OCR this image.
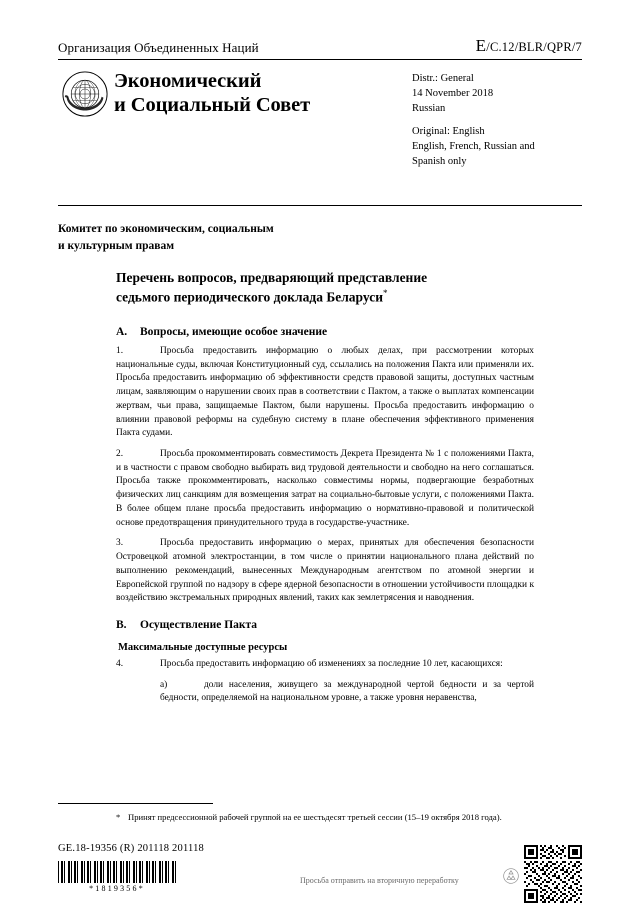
Организация Объединенных Наций	E/C.12/BLR/QPR/7
Экономический
и Социальный Совет
Distr.: General
14 November 2018
Russian
Original: English
English, French, Russian and
Spanish only
Комитет по экономическим, социальным
и культурным правам
Перечень вопросов, предваряющий представление
седьмого периодического доклада Беларуси*
A.	Вопросы, имеющие особое значение

1.	Просьба предоставить информацию о любых делах, при рассмотрении которых национальные суды, включая Конституционный суд, ссылались на положения Пакта или применяли их. Просьба предоставить информацию об эффективности средств правовой защиты, доступных частным лицам, заявляющим о нарушении своих прав в соответствии с Пактом, а также о выплатах компенсации жертвам, чьи права, защищаемые Пактом, были нарушены. Просьба предоставить информацию о влиянии правовой реформы на судебную систему в плане обеспечения эффективного применения Пакта судами.

2.	Просьба прокомментировать совместимость Декрета Президента № 1 с положениями Пакта, и в частности с правом свободно выбирать вид трудовой деятельности и свободно на него соглашаться. Просьба также прокомментировать, насколько совместимы нормы, подвергающие безработных физических лиц санкциям для возмещения затрат на социально-бытовые услуги, с положениями Пакта. В более общем плане просьба предоставить информацию о нормативно-правовой и политической основе предотвращения принудительного труда в государстве-участнике.

3.	Просьба предоставить информацию о мерах, принятых для обеспечения безопасности Островецкой атомной электростанции, в том числе о принятии национального плана действий по выполнению рекомендаций, вынесенных Международным агентством по атомной энергии и Европейской группой по надзору в сфере ядерной безопасности в отношении устойчивости площадки к воздействию экстремальных природных явлений, таких как землетрясения и наводнения.

B.	Осуществление Пакта
Максимальные доступные ресурсы

4.	Просьба предоставить информацию об изменениях за последние 10 лет, касающихся:

a)	доли населения, живущего за международной чертой бедности и за чертой бедности, определяемой на национальном уровне, а также уровня неравенства,

* Принят предсессионной рабочей группой на ее шестьдесят третьей сессии (15–19 октября 2018 года).
GE.18-19356 (R) 201118 201118
*1819356*
Просьба отправить на вторичную переработку
